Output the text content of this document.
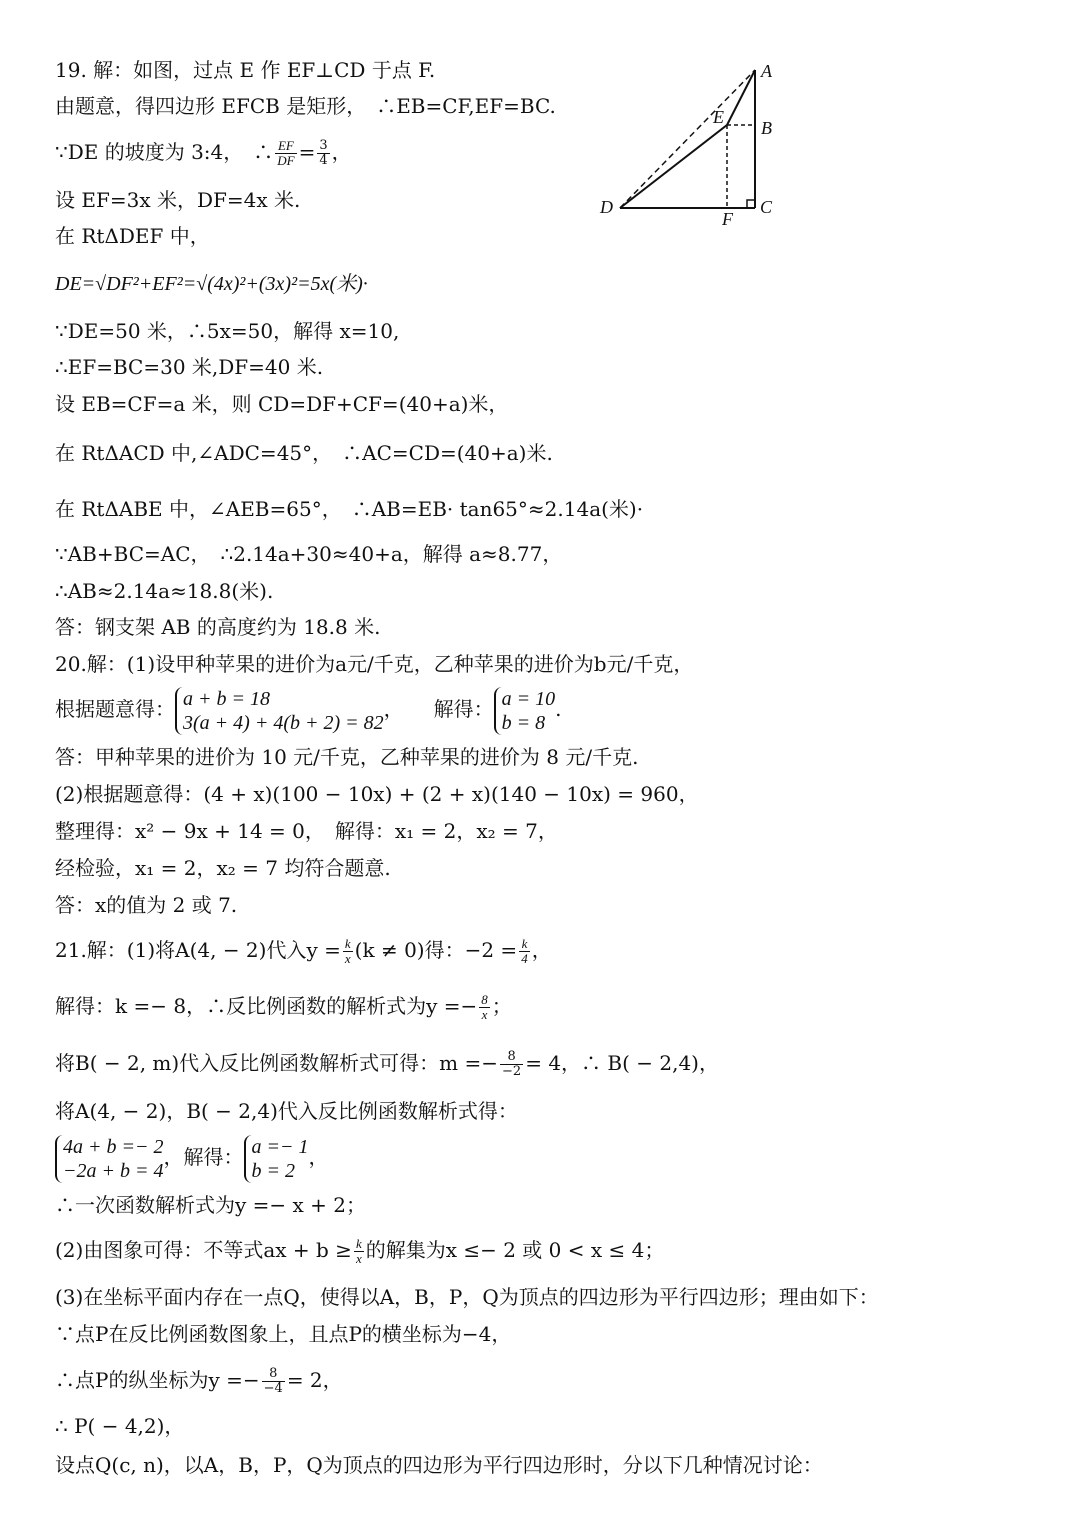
19. 解：如图，过点 E 作 EF⊥CD 于点 F.
由题意，得四边形 EFCB 是矩形，　∴EB=CF,EF=BC.
∵DE 的坡度为 3:4，　∴ $\frac{EF}{DF} = \frac{3}{4}$ ，
设 EF=3x 米，DF=4x 米.
在 RtΔDEF 中，
DE=√DF²+EF²=√(4x)²+(3x)²=5x(米)·
∵DE=50 米，∴5x=50，解得 x=10,
∴EF=BC=30 米,DF=40 米.
设 EB=CF=a 米，则 CD=DF+CF=(40+a)米，
在 RtΔACD 中,∠ADC=45°，　∴AC=CD=(40+a)米.
在 RtΔABE 中，∠AEB=65°，　∴AB=EB· tan65°≈2.14a(米)·
∵AB+BC=AC，　∴2.14a+30≈40+a，解得 a≈8.77，
∴AB≈2.14a≈18.8(米).
答：钢支架 AB 的高度约为 18.8 米.
A
B
C
D
E
F
20.解：(1)设甲种苹果的进价为a元/千克，乙种苹果的进价为b元/千克，
根据题意得： a + b = 18
3(a + 4) + 4(b + 2) = 82
，　　解得： a = 10
b = 8
.
答：甲种苹果的进价为 10 元/千克，乙种苹果的进价为 8 元/千克.
(2)根据题意得：(4 + x)(100 − 10x) + (2 + x)(140 − 10x) = 960，
整理得：x² − 9x + 14 = 0，　解得：x₁ = 2，x₂ = 7，
经检验，x₁ = 2，x₂ = 7 均符合题意.
答：x的值为 2 或 7.
21.解：(1)将A(4, − 2)代入$y = \frac{k}{x} (k \ne 0)$得：$-2 = \frac{k}{4}$ ，
解得：k =− 8，∴反比例函数的解析式为$y =- \frac{8}{x}$ ；
将B( − 2, m)代入反比例函数解析式可得：$m =- \frac{8}{-2} = 4$，∴ B( − 2,4)，
将A(4, − 2)，B( − 2,4)代入反比例函数解析式得：
4a + b =− 2
−2a + b = 4
，解得： a =− 1
b = 2
，
∴一次函数解析式为y =− x + 2；
(2)由图象可得：不等式ax + $b \ge \frac{k}{x}$ 的解集为x ≤− 2 或 0 < x ≤ 4；
(3)在坐标平面内存在一点Q，使得以A，B，P，Q为顶点的四边形为平行四边形；理由如下：
∵点P在反比例函数图象上，且点P的横坐标为−4，
∴点P的纵坐标为$y =- \frac{8}{-4} = 2$，
∴ P( − 4,2)，
设点Q(c, n)，以A，B，P，Q为顶点的四边形为平行四边形时，分以下几种情况讨论：
